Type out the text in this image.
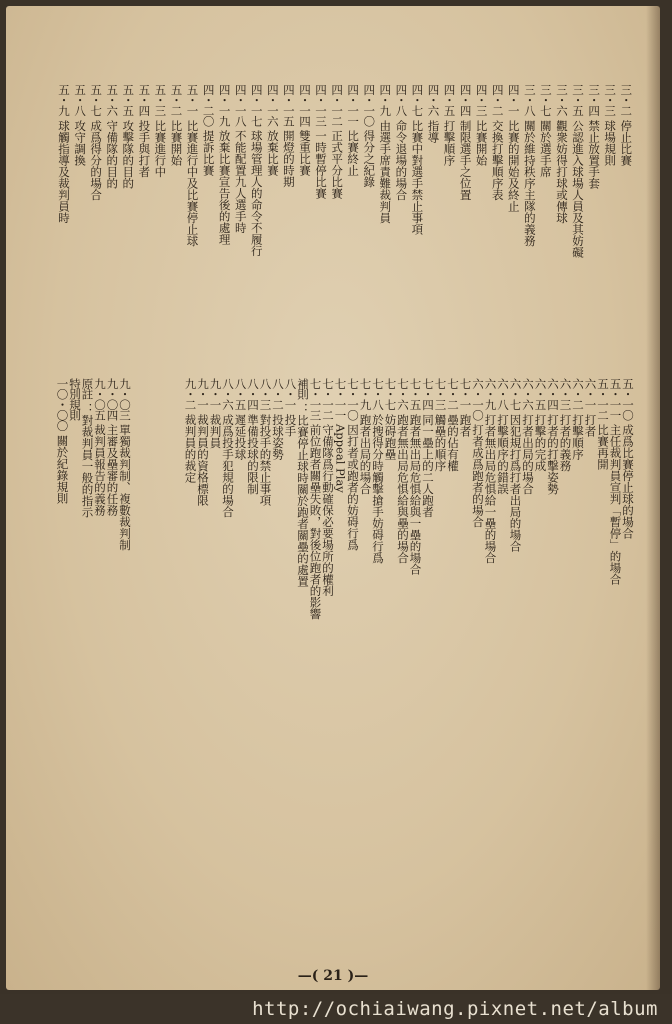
三・二
停止比賽
三・三
球場規則
三・四
禁止放置手套
三・五
公認進入球場人員及其妨礙
三・六
觀衆妨得打球或傳球
三・七
關於選手席
三・八
關於維持秩序主隊的義務
四・一
比賽的開始及終止
四・二
交換打擊順序表
四・三
比賽開始
四・四
制限選手之位置
四・五
打擊順序
四・六
指導
四・七
比賽中對選手禁止事項
四・八
命令退場的場合
四・九
由選手席責難裁判員
四・一〇
得分之紀錄
四・一一
比賽終止
四・一二
正式平分比賽
四・一三
一時暫停比賽
四・一四
雙重比賽
四・一五
開燈的時期
四・一六
放棄比賽
四・一七
球場管理人的命令不履行
四・一八
不能配置九人選手時
四・一九
放棄比賽宣告後的處理
四・二〇
提訴比賽
五・一
比賽進行中及比賽停止球
五・二
比賽開始
五・三
比賽進行中
五・四
投手與打者
五・五
攻擊隊的目的
五・六
守備隊的目的
五・七
成爲得分的場合
五・八
攻守調換
五・九
球觸指導及裁判員時
五・一〇
成爲比賽停止球的場合
五・一一
主任裁判員宣判「暫停」的場合
五・一二
比賽再開
六・一
打者
六・二
打擊順序
六・三
打者的義務
六・四
打者的打擊姿勢
六・五
打擊的完成
六・六
打者出局的場合
六・七
因犯規打爲打者出局的場合
六・八
打擊順序的錯誤
六・九
打者無出局危惧給一壘的場合
六・一〇
打者成爲跑者的場合
七・一
跑者
七・二
壘的佔有權
七・三
觸壘的順序
七・四
同一壘上的二人跑者
七・五
跑者無出局危惧給與一壘的場合
七・六
跑者無出局危惧給與壘的場合
七・七
妨碍跑壘
七・八
於搜得分時觸擊搶手妨碍行爲
七・九
跑者出局的場合
七・一〇
因打者或跑者的妨碍行爲
七・一一
Appeal Play
七・一二
守備隊爲行動確保必要場所的權利
七・一三
前位跑者關壘失敗，對後位跑者的影響
補則
：比賽停止球時關於跑者關壘的處置
八・一
投手
八・二
投球姿勢
八・三
對投手的禁止事項
八・四
準備投球的限制
八・五
遲延投球
八・六
成爲投手犯規的場合
九・一
裁判員
九・一
裁判員的資格標限
九・二
裁判員的裁定
九・〇三
單獨裁判制、複數裁判制
九・〇四
主審及壘審的任務
九・〇五
裁判員報告的義務
原註
：對裁判員一般的指示
特別規則
一〇・〇〇
關於紀錄規則
—( 21 )—
http://ochiaiwang.pixnet.net/album
